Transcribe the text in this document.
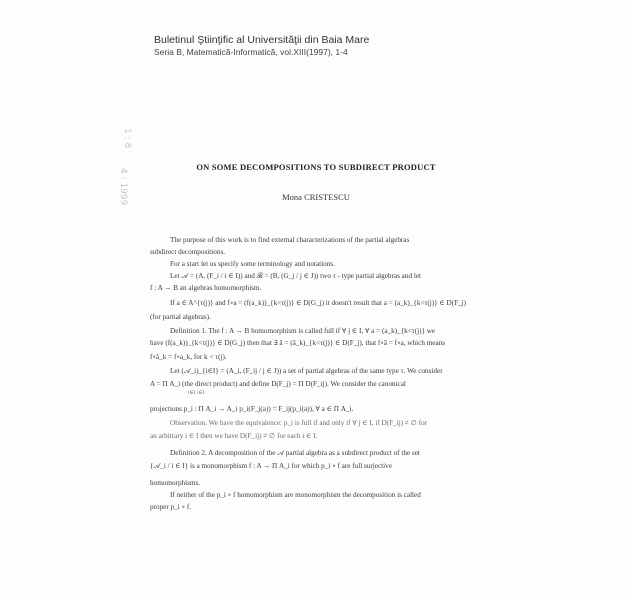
1 : 8
4 : 1999
Buletinul Ştiinţific al Universităţii din Baia Mare
Seria B, Matematică-Informatică, vol.XIII(1997), 1-4
ON SOME DECOMPOSITIONS TO SUBDIRECT PRODUCT
Mona CRISTESCU
The purpose of this work is to find external characterizations of the partial algebras
subdirect decompositions.
For a start let us specify some terminology and notations.
Let 𝒜 = (A, (F_i / i ∈ I)) and ℬ = (B, (G_j / j ∈ J)) two τ - type partial algebras and let
f : A → B an algebras homomorphism.
If a ∈ A^{τ(j)} and f∘a = (f(a_k))_{k<τ(j)} ∈ D(G_j) it doesn't result that a = (a_k)_{k<τ(j)} ∈ D(F_j)
(for partial algebras).
Definition 1. The f : A → B homomorphism is called full if ∀ j ∈ I, ∀ a = (a_k)_{k<τ(j)} we
have (f(a_k))_{k<τ(j)} ∈ D(G_j) then that ∃ ā = (ā_k)_{k<τ(j)} ∈ D(F_j), that f∘ā = f∘a, which means
f∘ā_k = f∘a_k, for k < τ(j).
Let (𝒜_i)_{i∈I} = (A_i, (F_ij / j ∈ J)) a set of partial algebras of the same type τ. We consider
A = Π A_i (the direct product) and define D(F_j) = Π D(F_ij). We consider the canonical
i∈I i∈I
projections p_i : Π A_i → A_i p_i(F_j(a)) = F_ij(p_i(a)), ∀ a ∈ Π A_i.
Observation. We have the equivalence: p_i is full if and only if ∀ j ∈ I, if D(F_ij) ≠ ∅ for
an arbitrary i ∈ I then we have D(F_ij) ≠ ∅ for each i ∈ I.
Definition 2. A decomposition of the 𝒜 partial algebra as a subdirect product of the set
{𝒜_i / i ∈ I} is a monomorphism f : A → Π A_i for which p_i ∘ f are full surjective
homomorphisms.
If neither of the p_i ∘ f homomorphism are monomorphism the decomposition is called
proper p_i ∘ f.
